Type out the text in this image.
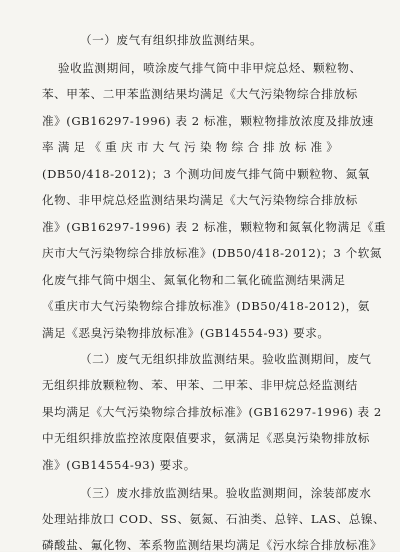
（一）废气有组织排放监测结果。
验收监测期间，喷涂废气排气筒中非甲烷总烃、颗粒物、
苯、甲苯、二甲苯监测结果均满足《大气污染物综合排放标
准》(GB16297-1996) 表 2 标准，颗粒物排放浓度及排放速
率满足《重庆市大气污染物综合排放标准》
(DB50/418-2012)；3 个测功间废气排气筒中颗粒物、氮氧
化物、非甲烷总烃监测结果均满足《大气污染物综合排放标
准》(GB16297-1996) 表 2 标准，颗粒物和氮氧化物满足《重
庆市大气污染物综合排放标准》(DB50/418-2012)；3 个软氮
化废气排气筒中烟尘、氮氧化物和二氧化硫监测结果满足
《重庆市大气污染物综合排放标准》(DB50/418-2012)，氨
满足《恶臭污染物排放标准》(GB14554-93) 要求。
（二）废气无组织排放监测结果。验收监测期间，废气
无组织排放颗粒物、苯、甲苯、二甲苯、非甲烷总烃监测结
果均满足《大气污染物综合排放标准》(GB16297-1996) 表 2
中无组织排放监控浓度限值要求，氨满足《恶臭污染物排放标
准》(GB14554-93) 要求。
（三）废水排放监测结果。验收监测期间，涂装部废水
处理站排放口 COD、SS、氨氮、石油类、总锌、LAS、总镍、
磷酸盐、氟化物、苯系物监测结果均满足《污水综合排放标准》
